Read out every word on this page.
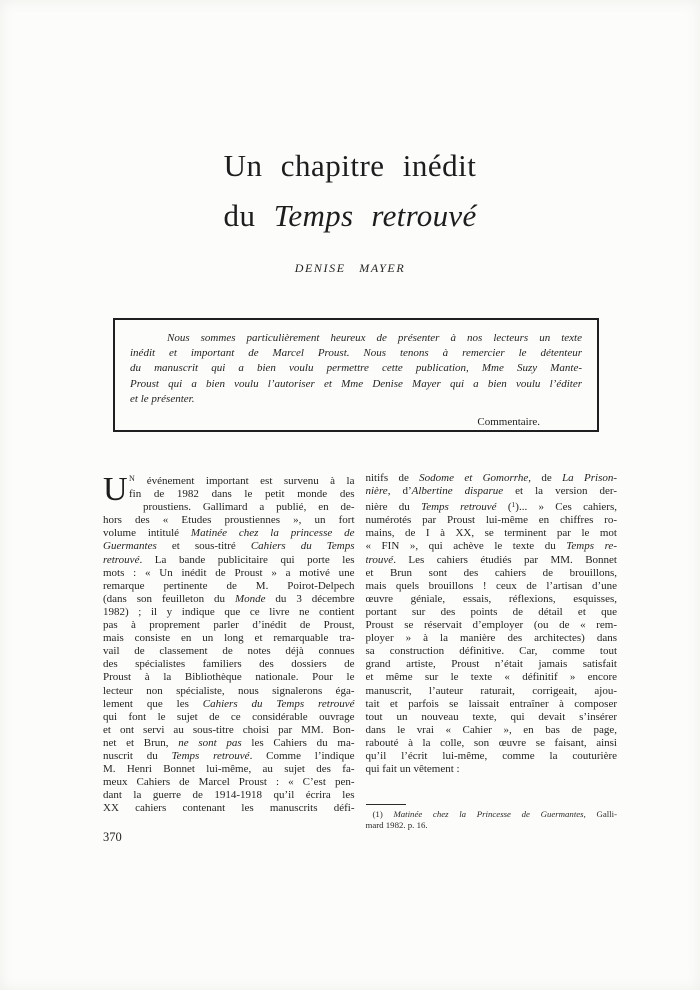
Un chapitre inédit
du Temps retrouvé
DENISE MAYER
Nous sommes particulièrement heureux de présenter à nos lecteurs un texte
inédit et important de Marcel Proust. Nous tenons à remercier le détenteur
du manuscrit qui a bien voulu permettre cette publication, Mme Suzy Mante-
Proust qui a bien voulu l’autoriser et Mme Denise Mayer qui a bien voulu l’éditer
et le présenter.
Commentaire.
U $^N$ événement important est survenu à la
fin de 1982 dans le petit monde des
proustiens. Gallimard a publié, en de-
hors des « Etudes proustiennes », un fort
volume intitulé Matinée chez la princesse de
Guermantes et sous-titré Cahiers du Temps
retrouvé. La bande publicitaire qui porte les
mots : « Un inédit de Proust » a motivé une
remarque pertinente de M. Poirot-Delpech
(dans son feuilleton du Monde du 3 décembre
1982) ; il y indique que ce livre ne contient
pas à proprement parler d’inédit de Proust,
mais consiste en un long et remarquable tra-
vail de classement de notes déjà connues
des spécialistes familiers des dossiers de
Proust à la Bibliothèque nationale. Pour le
lecteur non spécialiste, nous signalerons éga-
lement que les Cahiers du Temps retrouvé
qui font le sujet de ce considérable ouvrage
et ont servi au sous-titre choisi par MM. Bon-
net et Brun, ne sont pas les Cahiers du ma-
nuscrit du Temps retrouvé. Comme l’indique
M. Henri Bonnet lui-même, au sujet des fa-
meux Cahiers de Marcel Proust : « C’est pen-
dant la guerre de 1914-1918 qu’il écrira les
XX cahiers contenant les manuscrits défi-
nitifs de Sodome et Gomorrhe, de La Prison-
nière, d’Albertine disparue et la version der-
nière du Temps retrouvé ($^1$)... » Ces cahiers,
numérotés par Proust lui-même en chiffres ro-
mains, de I à XX, se terminent par le mot
« FIN », qui achève le texte du Temps re-
trouvé. Les cahiers étudiés par MM. Bonnet
et Brun sont des cahiers de brouillons,
mais quels brouillons ! ceux de l’artisan d’une
œuvre géniale, essais, réflexions, esquisses,
portant sur des points de détail et que
Proust se réservait d’employer (ou de « rem-
ployer » à la manière des architectes) dans
sa construction définitive. Car, comme tout
grand artiste, Proust n’était jamais satisfait
et même sur le texte « définitif » encore
manuscrit, l’auteur raturait, corrigeait, ajou-
tait et parfois se laissait entraîner à composer
tout un nouveau texte, qui devait s’insérer
dans le vrai « Cahier », en bas de page,
rabouté à la colle, son œuvre se faisant, ainsi
qu’il l’écrit lui-même, comme la couturière
qui fait un vêtement :
(1) Matinée chez la Princesse de Guermantes, Galli-
mard 1982. p. 16.
370
